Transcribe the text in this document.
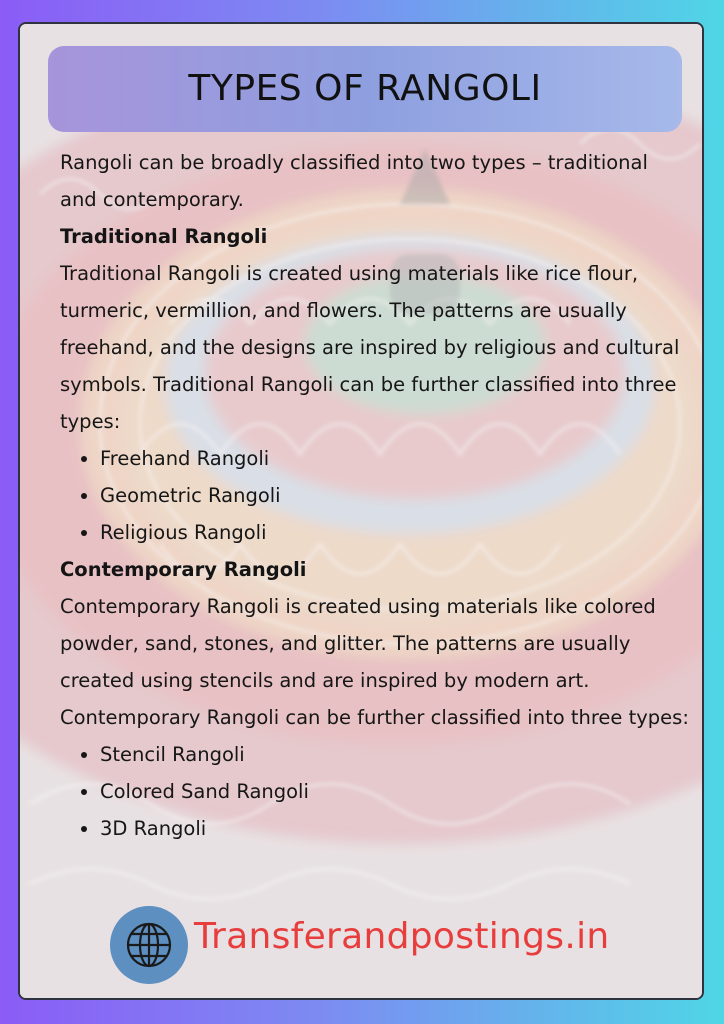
TYPES OF RANGOLI

Rangoli can be broadly classified into two types – traditional and contemporary.

Traditional Rangoli

Traditional Rangoli is created using materials like rice flour, turmeric, vermillion, and flowers. The patterns are usually freehand, and the designs are inspired by religious and cultural symbols. Traditional Rangoli can be further classified into three types:

• Freehand Rangoli
• Geometric Rangoli
• Religious Rangoli
Contemporary Rangoli

Contemporary Rangoli is created using materials like colored powder, sand, stones, and glitter. The patterns are usually created using stencils and are inspired by modern art. Contemporary Rangoli can be further classified into three types:

• Stencil Rangoli
• Colored Sand Rangoli
• 3D Rangoli
Transferandpostings.in
